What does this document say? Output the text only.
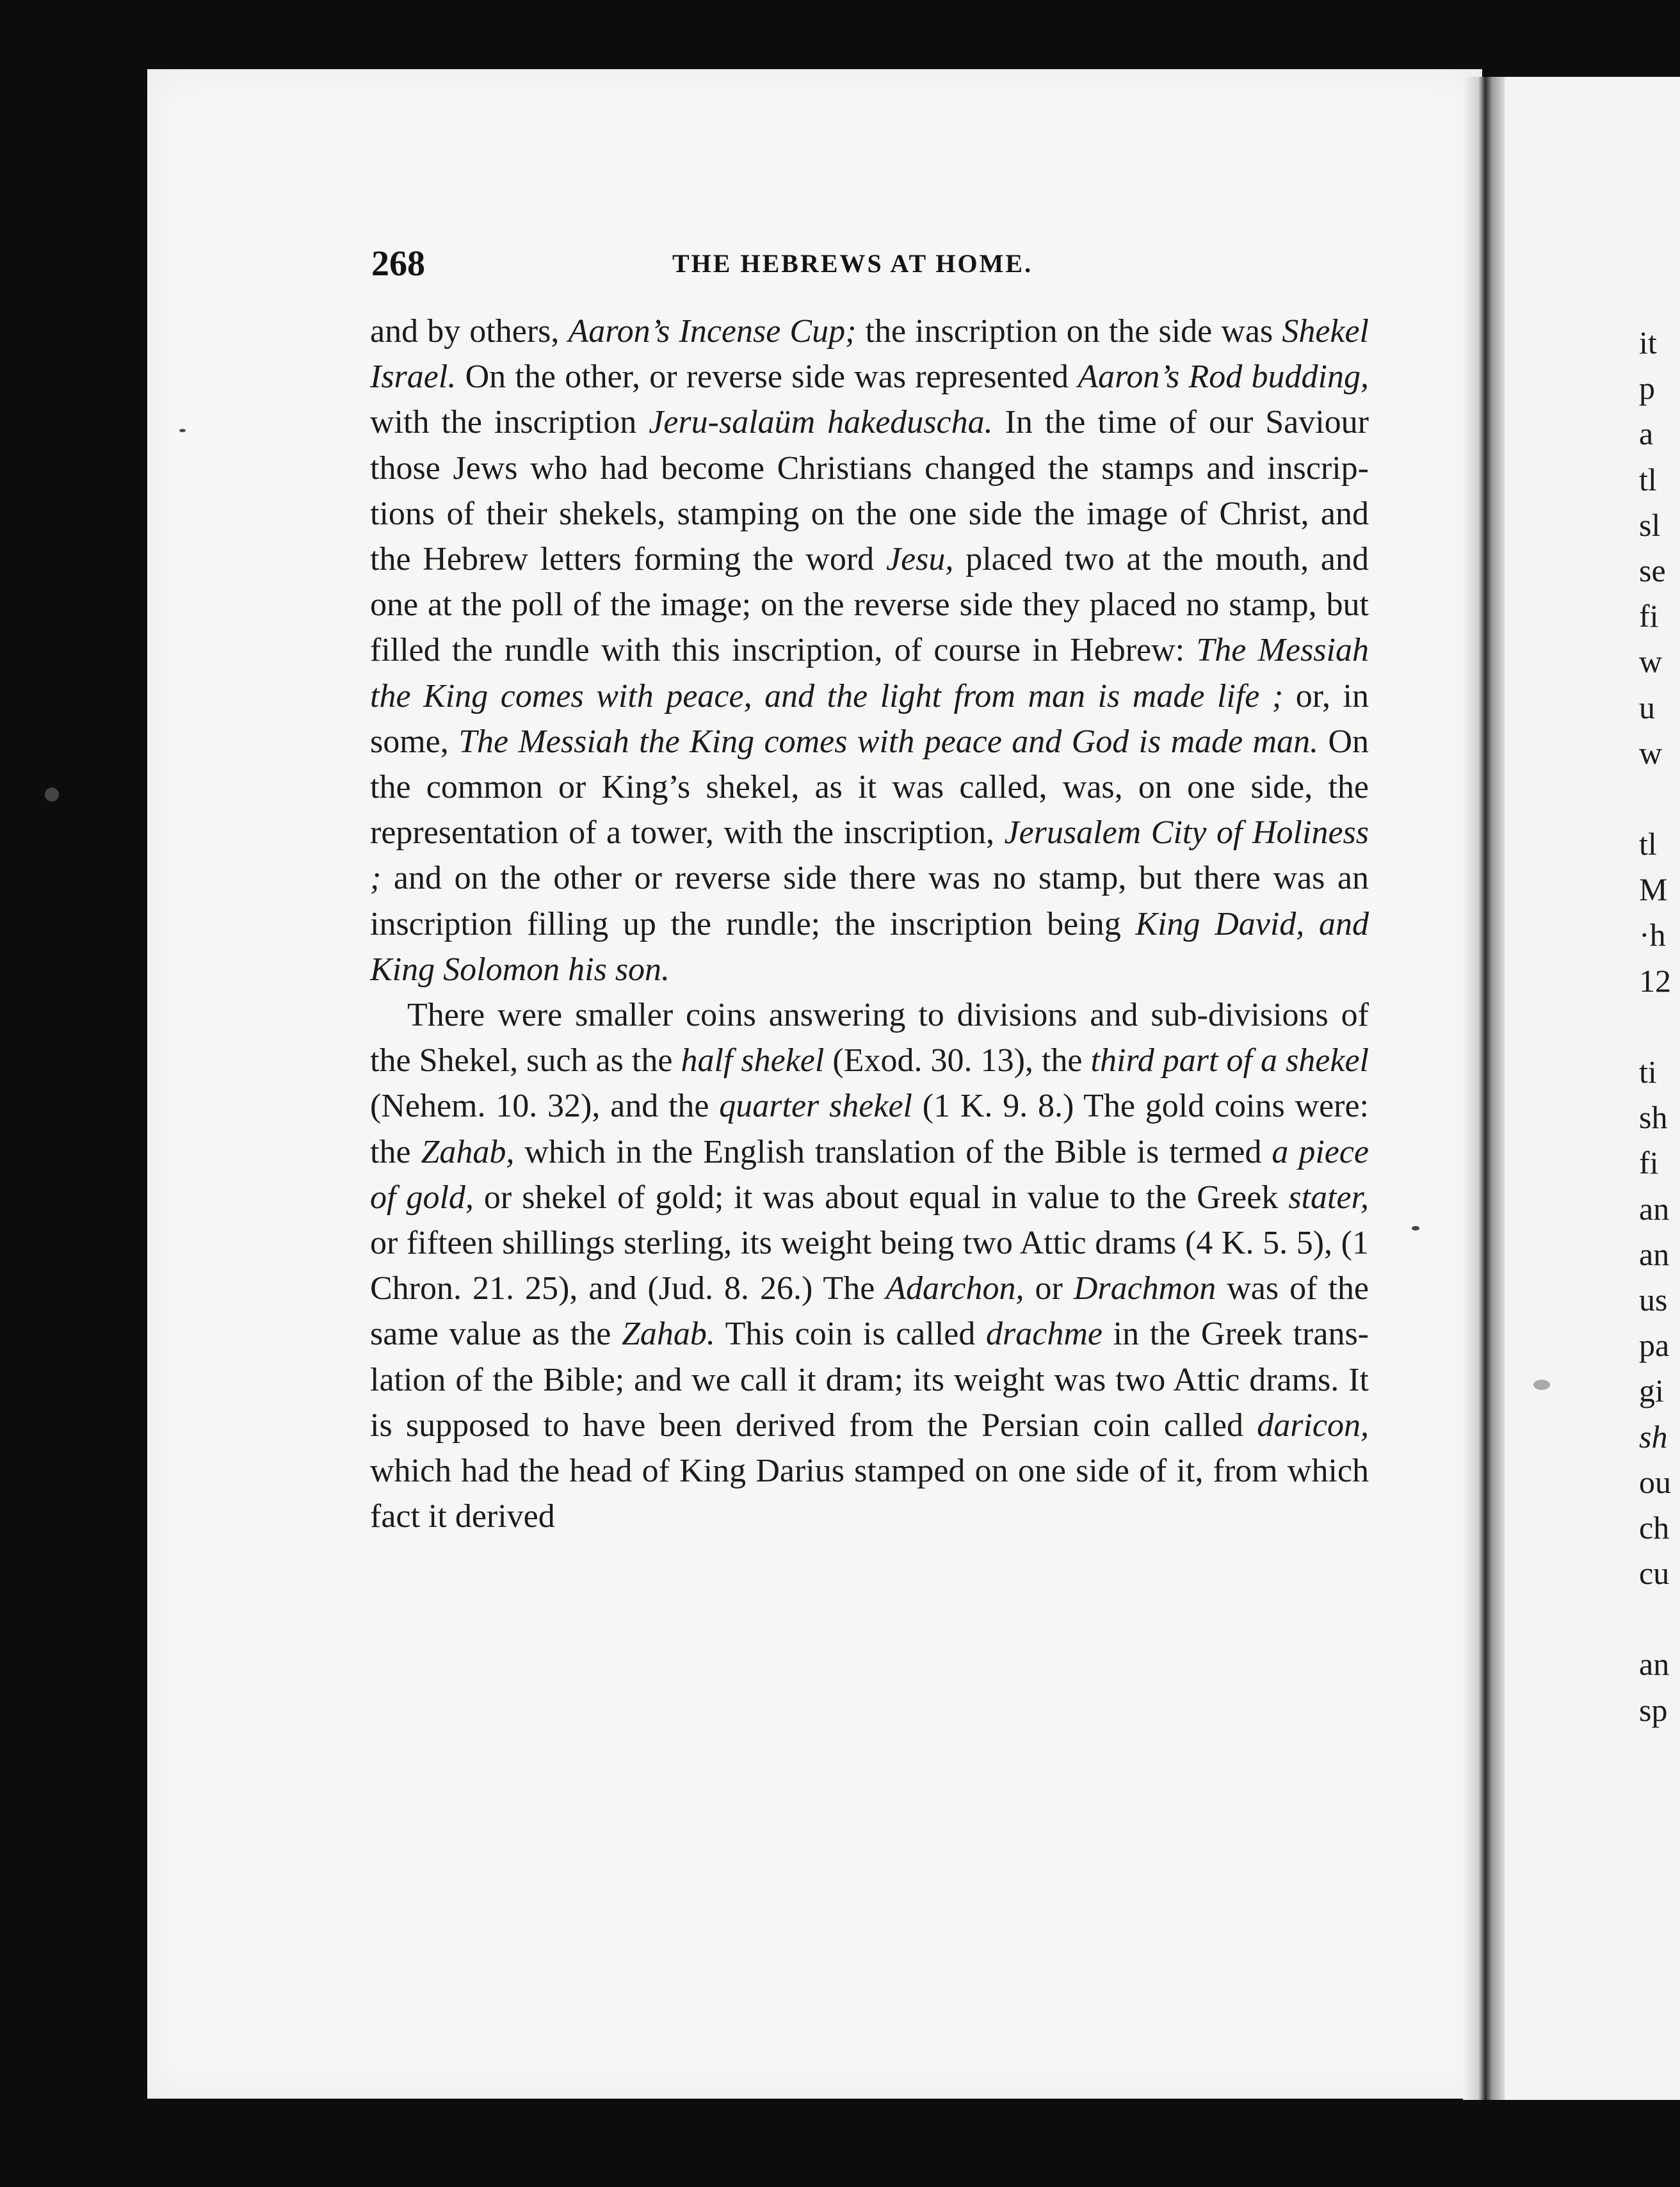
268	THE HEBREWS AT HOME.

and by others, Aaron’s Incense Cup; the inscription on the side was Shekel Israel. On the other, or reverse side was represented Aaron’s Rod budding, with the inscription Jeru-salaüm hakeduscha. In the time of our Saviour those Jews who had become Christians changed the stamps and inscrip-tions of their shekels, stamping on the one side the image of Christ, and the Hebrew letters forming the word Jesu, placed two at the mouth, and one at the poll of the image; on the reverse side they placed no stamp, but filled the rundle with this inscription, of course in Hebrew: The Messiah the King comes with peace, and the light from man is made life ; or, in some, The Messiah the King comes with peace and God is made man. On the common or King’s shekel, as it was called, was, on one side, the representation of a tower, with the inscription, Jerusalem City of Holiness ; and on the other or reverse side there was no stamp, but there was an inscription filling up the rundle; the inscription being King David, and King Solomon his son.

There were smaller coins answering to divisions and sub-divisions of the Shekel, such as the half shekel (Exod. 30. 13), the third part of a shekel (Nehem. 10. 32), and the quarter shekel (1 K. 9. 8.) The gold coins were: the Zahab, which in the English translation of the Bible is termed a piece of gold, or shekel of gold; it was about equal in value to the Greek stater, or fifteen shillings sterling, its weight being two Attic drams (4 K. 5. 5), (1 Chron. 21. 25), and (Jud. 8. 26.) The Adarchon, or Drachmon was of the same value as the Zahab. This coin is called drachme in the Greek trans-lation of the Bible; and we call it dram; its weight was two Attic drams. It is supposed to have been derived from the Persian coin called daricon, which had the head of King Darius stamped on one side of it, from which fact it derived

it
p
a
tl
sl
se
fi
w
u
w
tl
M
·h
12
ti
sh
fi
an
an
us
pa
gi
sh
ou
ch
cu
an
sp
